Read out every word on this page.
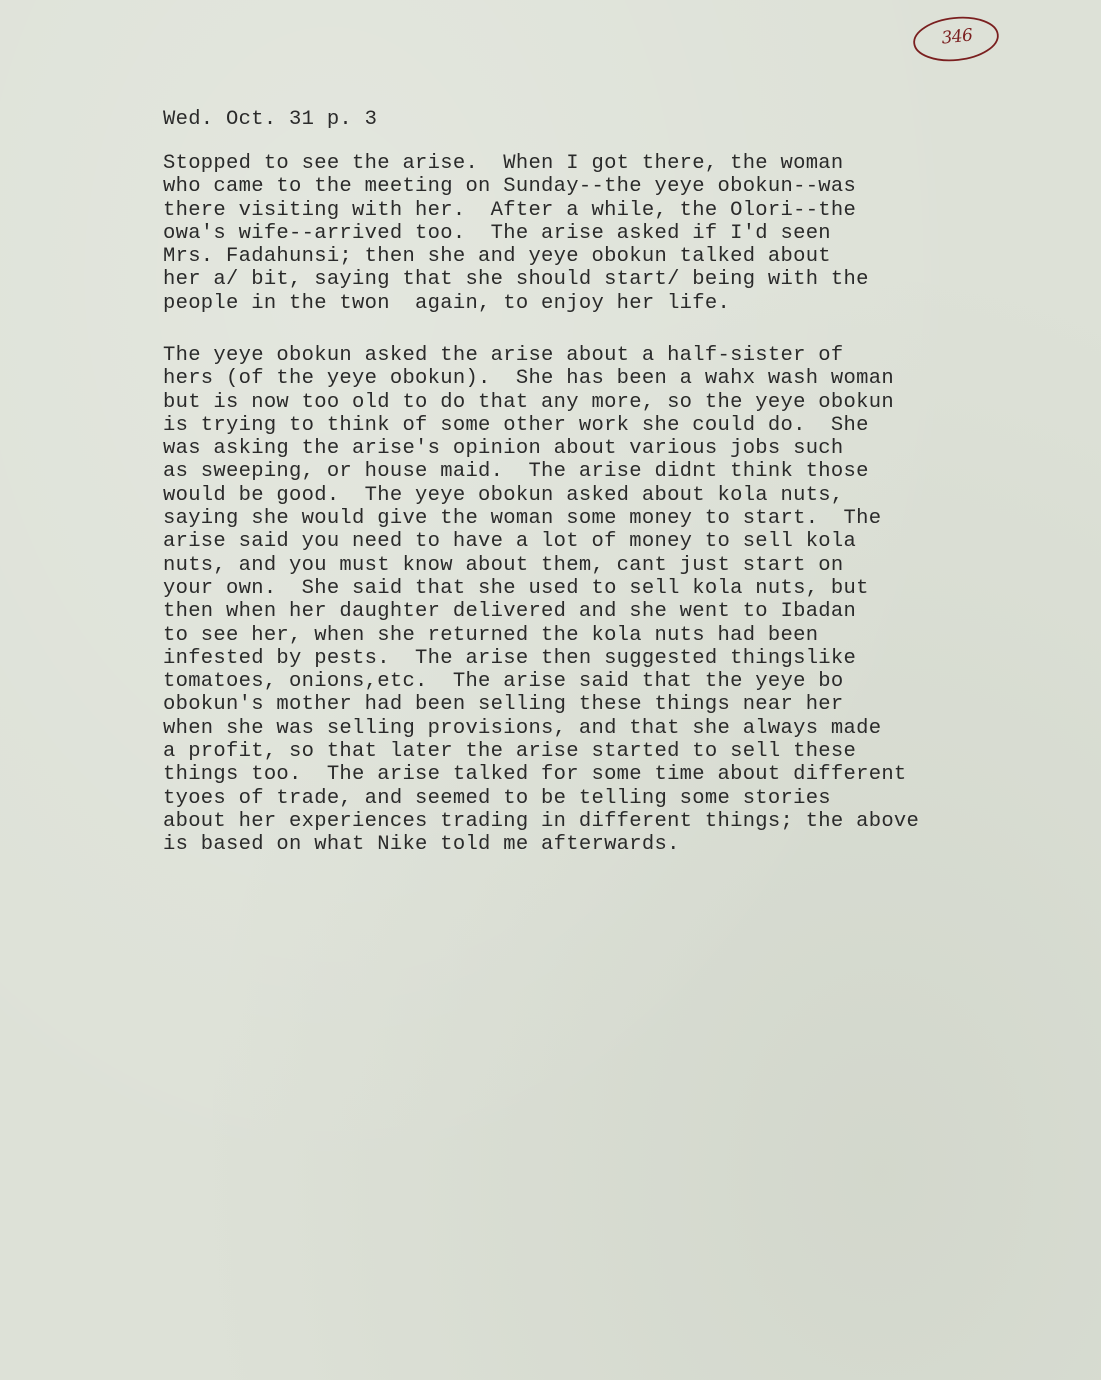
346
Wed. Oct. 31 p. 3
Stopped to see the arise.  When I got there, the woman
who came to the meeting on Sunday--the yeye obokun--was
there visiting with her.  After a while, the Olori--the
owa's wife--arrived too.  The arise asked if I'd seen
Mrs. Fadahunsi; then she and yeye obokun talked about
her a/ bit, saying that she should start/ being with the
people in the twon  again, to enjoy her life.
The yeye obokun asked the arise about a half-sister of
hers (of the yeye obokun).  She has been a wahx wash woman
but is now too old to do that any more, so the yeye obokun
is trying to think of some other work she could do.  She
was asking the arise's opinion about various jobs such
as sweeping, or house maid.  The arise didnt think those
would be good.  The yeye obokun asked about kola nuts,
saying she would give the woman some money to start.  The
arise said you need to have a lot of money to sell kola
nuts, and you must know about them, cant just start on
your own.  She said that she used to sell kola nuts, but
then when her daughter delivered and she went to Ibadan
to see her, when she returned the kola nuts had been
infested by pests.  The arise then suggested thingslike
tomatoes, onions,etc.  The arise said that the yeye bo
obokun's mother had been selling these things near her
when she was selling provisions, and that she always made
a profit, so that later the arise started to sell these
things too.  The arise talked for some time about different
tyoes of trade, and seemed to be telling some stories
about her experiences trading in different things; the above
is based on what Nike told me afterwards.
